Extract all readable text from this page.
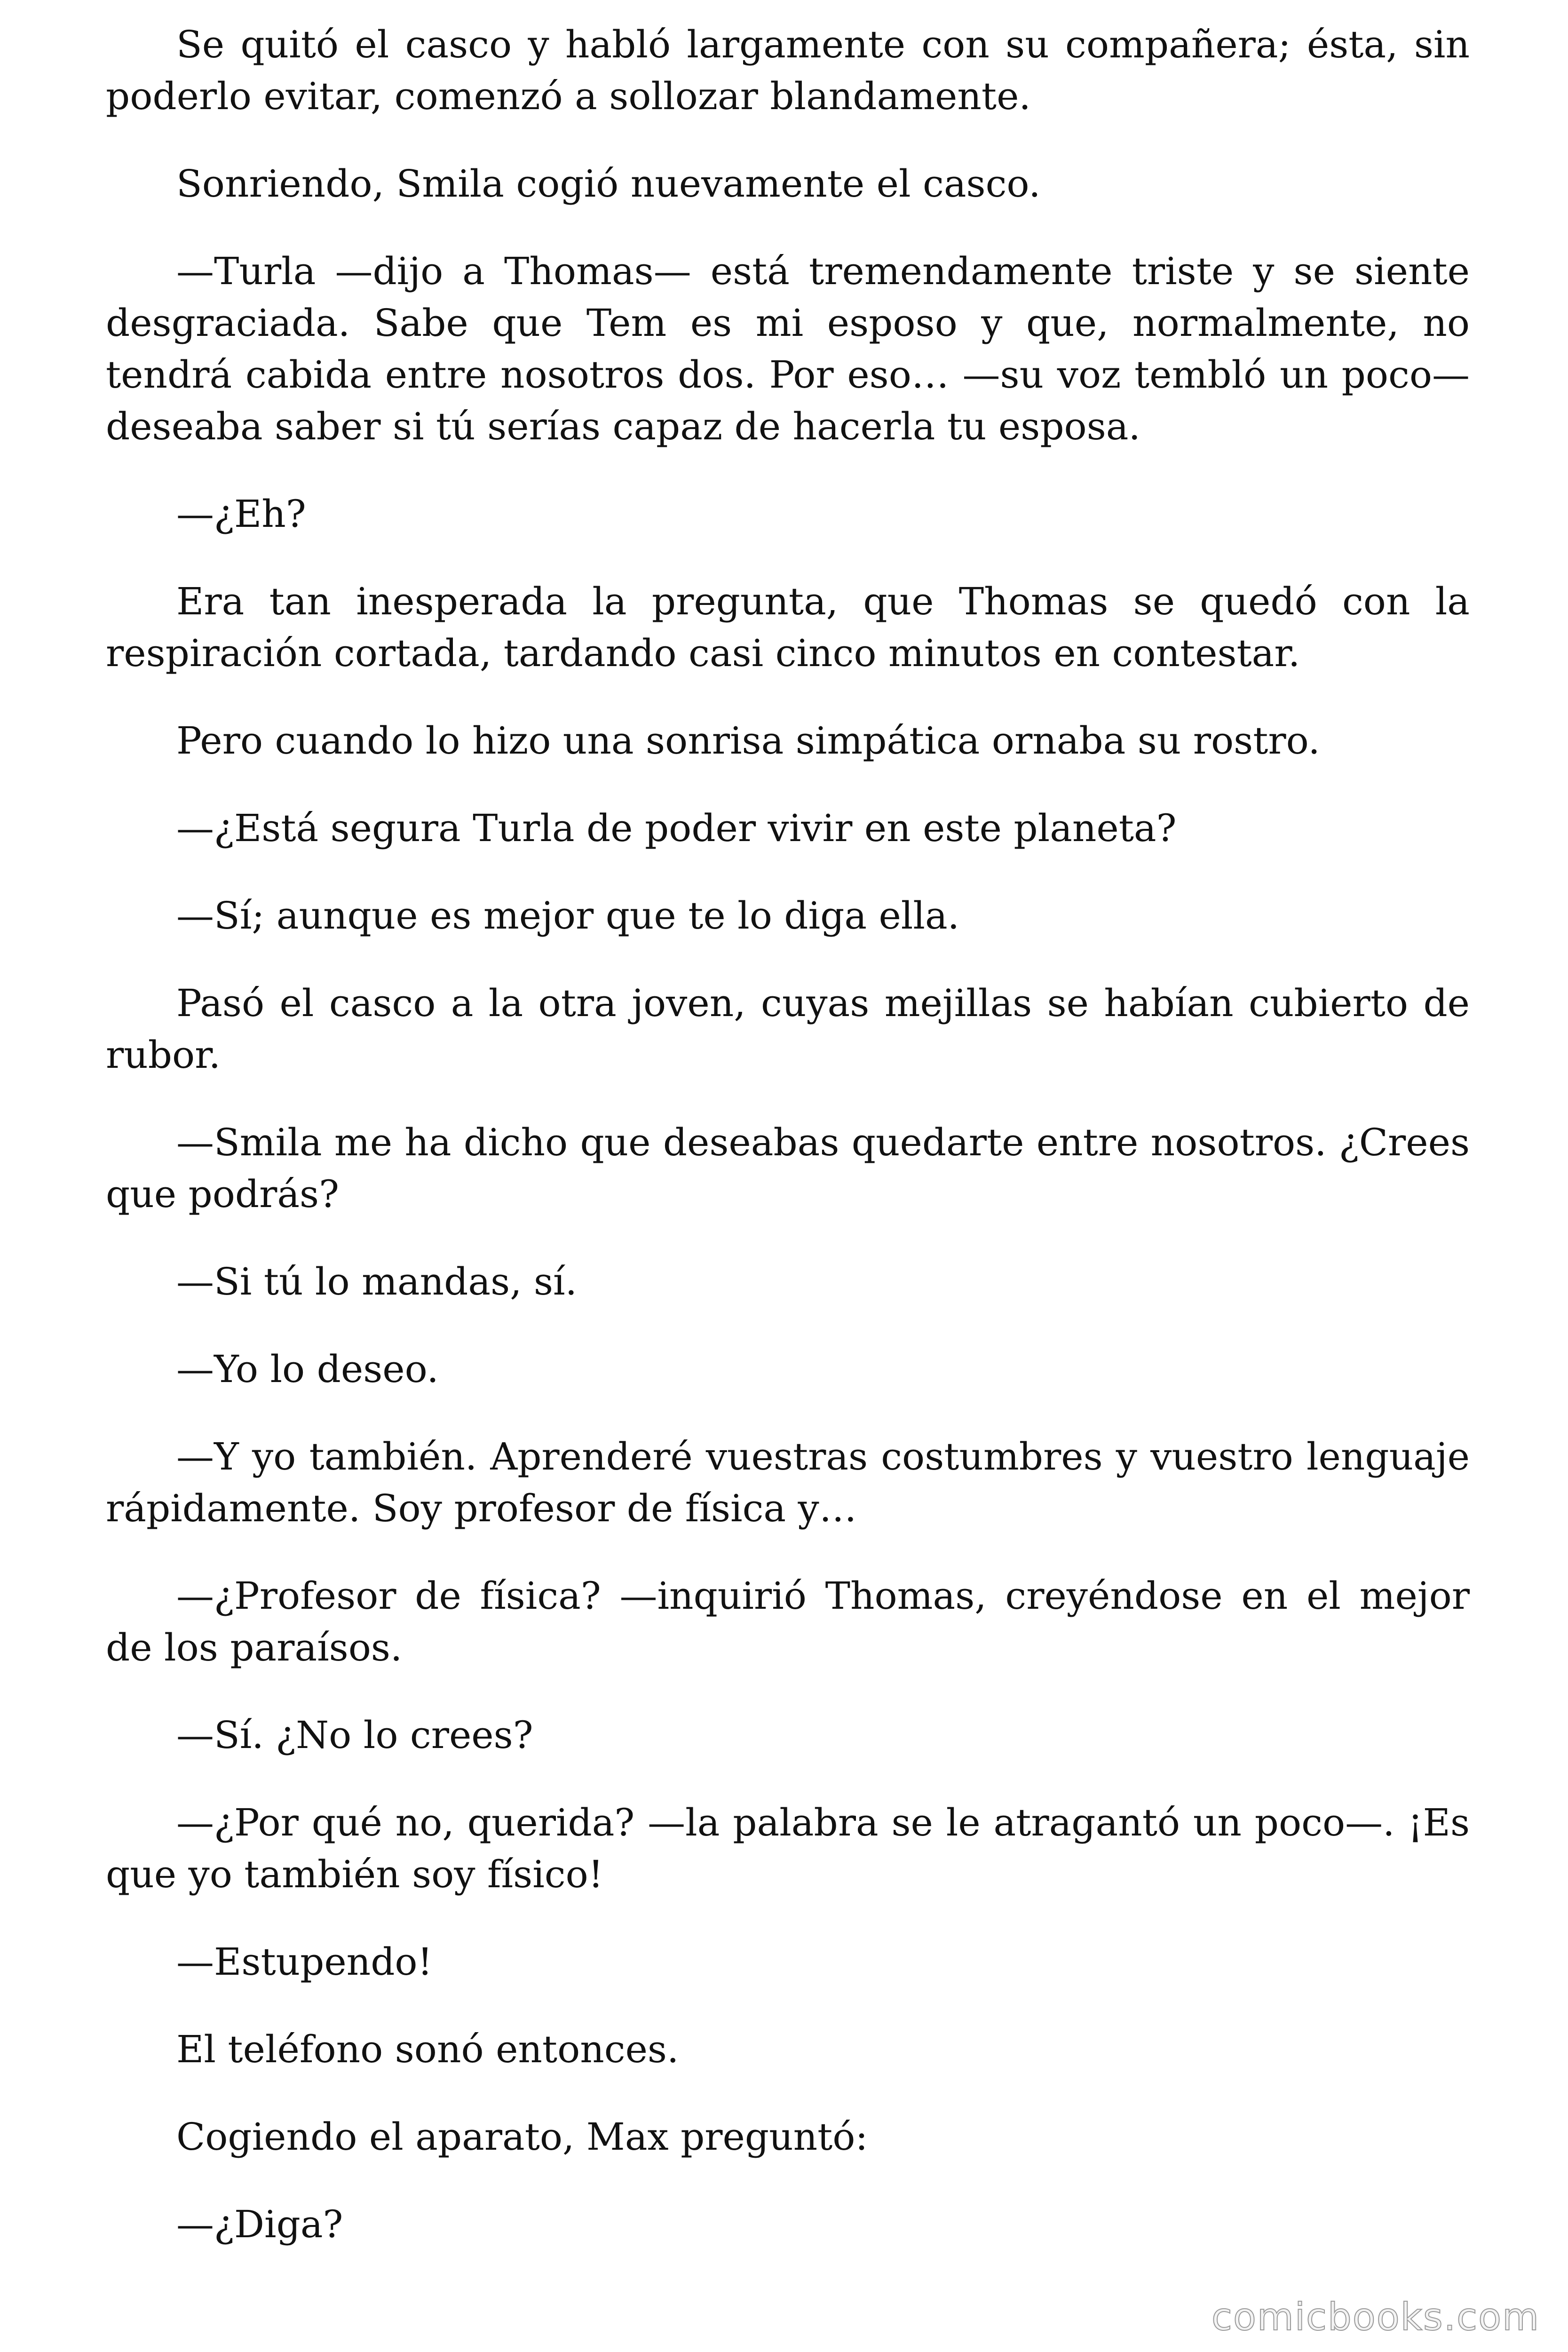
Se quitó el casco y habló largamente con su compañera; ésta, sin poderlo evitar, comenzó a sollozar blandamente.

Sonriendo, Smila cogió nuevamente el casco.

—Turla —dijo a Thomas— está tremendamente triste y se siente desgraciada. Sabe que Tem es mi esposo y que, normalmente, no tendrá cabida entre nosotros dos. Por eso… —su voz tembló un poco— deseaba saber si tú serías capaz de hacerla tu esposa.

—¿Eh?

Era tan inesperada la pregunta, que Thomas se quedó con la respiración cortada, tardando casi cinco minutos en contestar.

Pero cuando lo hizo una sonrisa simpática ornaba su rostro.

—¿Está segura Turla de poder vivir en este planeta?

—Sí; aunque es mejor que te lo diga ella.

Pasó el casco a la otra joven, cuyas mejillas se habían cubierto de rubor.

—Smila me ha dicho que deseabas quedarte entre nosotros. ¿Crees que podrás?

—Si tú lo mandas, sí.

—Yo lo deseo.

—Y yo también. Aprenderé vuestras costumbres y vuestro lenguaje rápidamente. Soy profesor de física y…

—¿Profesor de física? —inquirió Thomas, creyéndose en el mejor de los paraísos.

—Sí. ¿No lo crees?

—¿Por qué no, querida? —la palabra se le atragantó un poco—. ¡Es que yo también soy físico!

—Estupendo!

El teléfono sonó entonces.

Cogiendo el aparato, Max preguntó:

—¿Diga?

comicbooks.com
